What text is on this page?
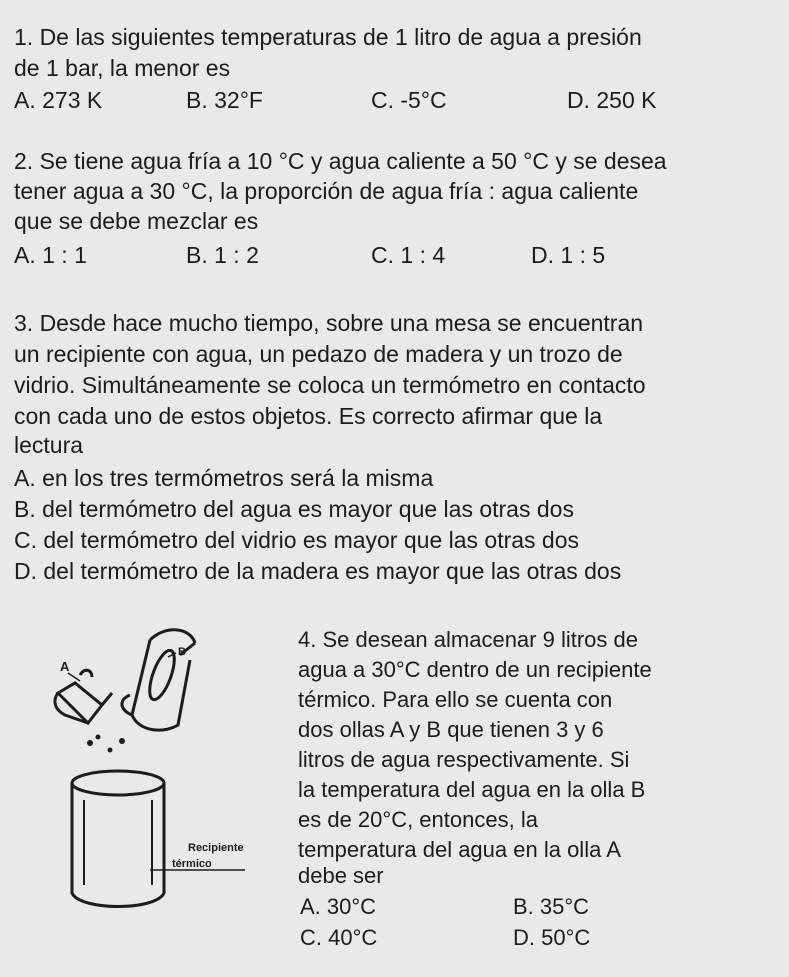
1. De las siguientes temperaturas de 1 litro de agua a presión
de 1 bar, la menor es
A. 273 K	B. 32°F	C. -5°C	D. 250 K
2. Se tiene agua fría a 10 °C y agua caliente a 50 °C y se desea
tener agua a 30 °C, la proporción de agua fría : agua caliente
que se debe mezclar es
A. 1 : 1	B. 1 : 2	C. 1 : 4	D. 1 : 5
3. Desde hace mucho tiempo, sobre una mesa se encuentran
un recipiente con agua, un pedazo de madera y un trozo de
vidrio. Simultáneamente se coloca un termómetro en contacto
con cada uno de estos objetos. Es correcto afirmar que la
lectura
A. en los tres termómetros será la misma
B. del termómetro del agua es mayor que las otras dos
C. del termómetro del vidrio es mayor que las otras dos
D. del termómetro de la madera es mayor que las otras dos
4. Se desean almacenar 9 litros de
agua a 30°C dentro de un recipiente
térmico. Para ello se cuenta con
dos ollas A y B que tienen 3 y 6
litros de agua respectivamente. Si
la temperatura del agua en la olla B
es de 20°C, entonces, la
temperatura del agua en la olla A
debe ser
A. 30°C	B. 35°C
C. 40°C	D. 50°C
A
B
Recipiente
térmico
